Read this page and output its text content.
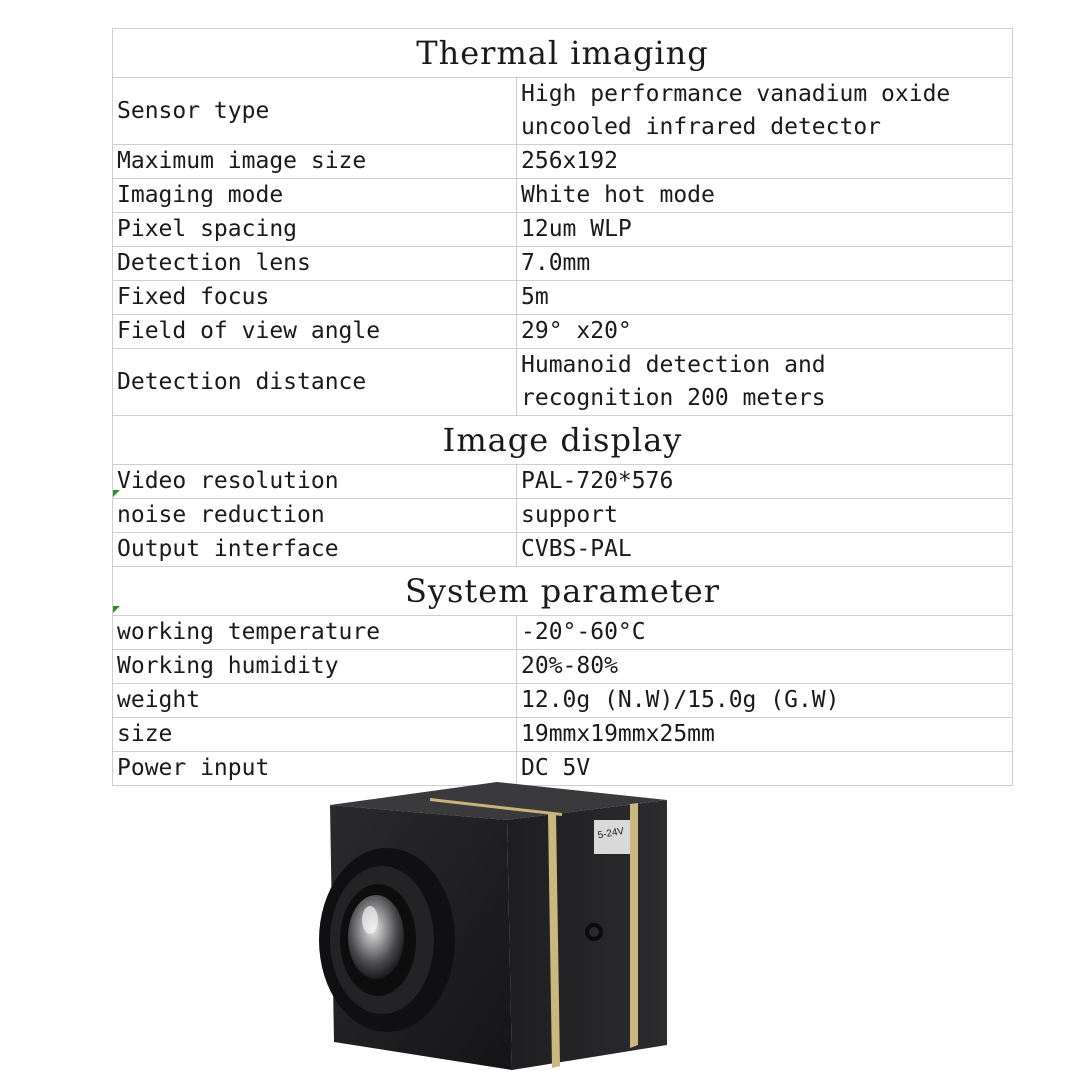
Thermal imaging	
Sensor type	High performance vanadium oxide
uncooled infrared detector

Maximum image size	256x192
Imaging mode	White hot mode
Pixel spacing	12um WLP
Detection lens	7.0mm
Fixed focus	5m
Field of view angle	29° x20°
Detection distance	Humanoid detection and
recognition 200 meters

Image display	
Video resolution	PAL-720*576
noise reduction	support
Output interface	CVBS-PAL
System parameter	
working temperature	-20°-60°C
Working humidity	20%-80%
weight	12.0g (N.W)/15.0g (G.W)
size	19mmx19mmx25mm
Power input	DC 5V
5-24V
